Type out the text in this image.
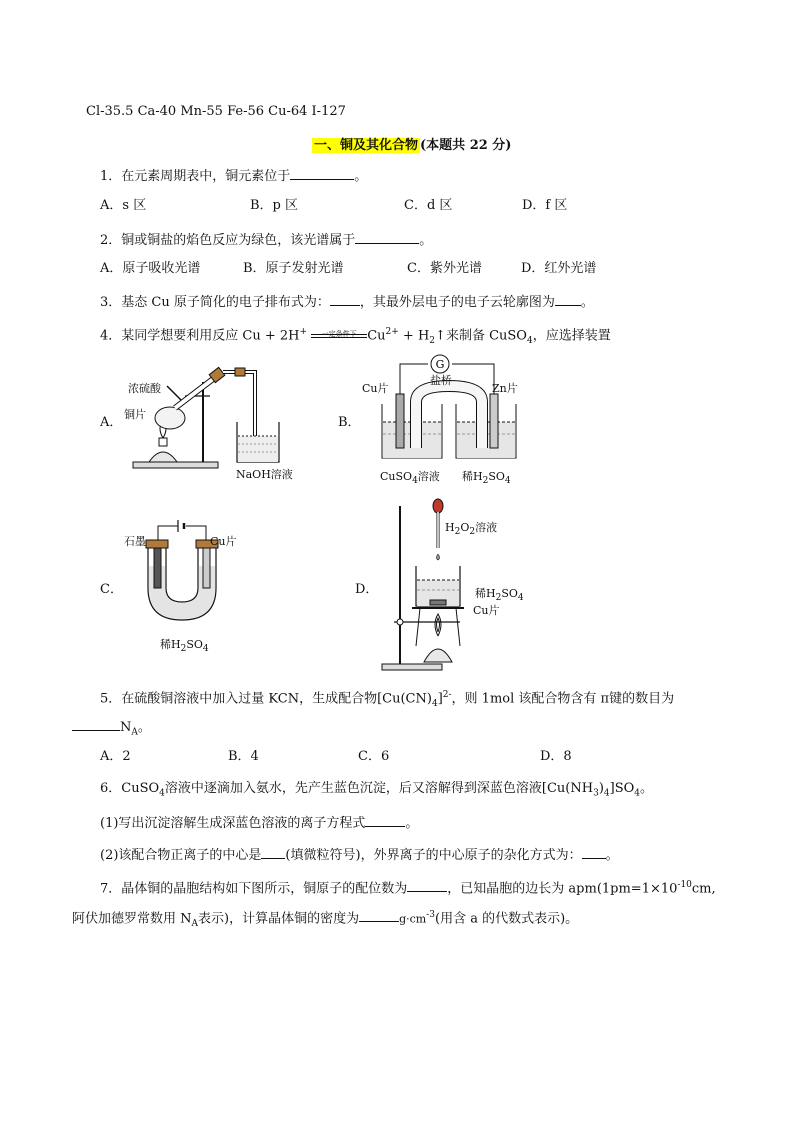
Cl-35.5 Ca-40 Mn-55 Fe-56 Cu-64 I-127
一、铜及其化合物 (本题共 22 分)
1．在元素周期表中，铜元素位于	。
A．s 区	B．p 区	C．d 区	D．f 区
2．铜或铜盐的焰色反应为绿色，该光谱属于	。
A．原子吸收光谱	B．原子发射光谱	C．紫外光谱	D．红外光谱
3．基态 Cu 原子简化的电子排布式为： ，其最外层电子的电子云轮廓图为 。
4．某同学想要利用反应 Cu + 2H+ 一定条件下 $Cu^{2+}$ + $H_2↑$来制备 CuSO$_4$，应选择装置
A．
浓硫酸
铜片
NaOH溶液
B．
G
Cu片
盐桥
Zn片
CuSO$_4$溶液 稀$H_2SO_4$
C．
石墨	Cu片
稀$H_2SO_4$
D．
$H_2O_2$溶液
稀$H_2SO_4$
Cu片
5．在硫酸铜溶液中加入过量 KCN，生成配合物$[Cu(CN)_4]^{2-}$，则 1mol 该配合物含有 π键的数目为
$N_A$。
A．2	B．4	C．6	D．8
6．CuSO$_4$溶液中逐滴加入氨水，先产生蓝色沉淀，后又溶解得到深蓝色溶液$[Cu(NH_3)_4]SO_4$。
(1)写出沉淀溶解生成深蓝色溶液的离子方程式	。
(2)该配合物正离子的中心是 (填微粒符号)，外界离子的中心原子的杂化方式为： 。
7．晶体铜的晶胞结构如下图所示，铜原子的配位数为	，已知晶胞的边长为 $apm(1pm=1\times 10^{-10}cm$,
阿伏加德罗常数用 $N_A$表示)，计算晶体铜的密度为	$g\cdot cm^{-3}$(用含 a 的代数式表示)。
